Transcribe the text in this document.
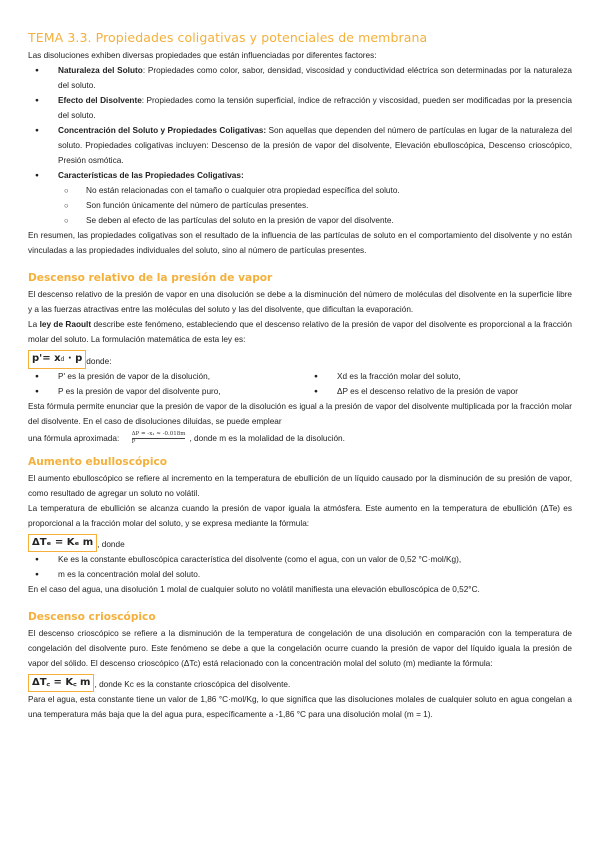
TEMA 3.3. Propiedades coligativas y potenciales de membrana

Las disoluciones exhiben diversas propiedades que están influenciadas por diferentes factores:

● Naturaleza del Soluto: Propiedades como color, sabor, densidad, viscosidad y conductividad eléctrica son determinadas por la naturaleza del soluto.
● Efecto del Disolvente: Propiedades como la tensión superficial, índice de refracción y viscosidad, pueden ser modificadas por la presencia del soluto.
● Concentración del Soluto y Propiedades Coligativas: Son aquellas que dependen del número de partículas en lugar de la naturaleza del soluto. Propiedades coligativas incluyen: Descenso de la presión de vapor del disolvente, Elevación ebulloscópica, Descenso crioscópico, Presión osmótica.
● Características de las Propiedades Coligativas:
○ No están relacionadas con el tamaño o cualquier otra propiedad específica del soluto.
○ Son función únicamente del número de partículas presentes.
○ Se deben al efecto de las partículas del soluto en la presión de vapor del disolvente.

En resumen, las propiedades coligativas son el resultado de la influencia de las partículas de soluto en el comportamiento del disolvente y no están vinculadas a las propiedades individuales del soluto, sino al número de partículas presentes.

Descenso relativo de la presión de vapor

El descenso relativo de la presión de vapor en una disolución se debe a la disminución del número de moléculas del disolvente en la superficie libre y a las fuerzas atractivas entre las moléculas del soluto y las del disolvente, que dificultan la evaporación.

La ley de Raoult describe este fenómeno, estableciendo que el descenso relativo de la presión de vapor del disolvente es proporcional a la fracción molar del soluto. La formulación matemática de esta ley es:

p'= xd · p donde:
● P' es la presión de vapor de la disolución,	● Xd es la fracción molar del soluto,
● P es la presión de vapor del disolvente puro,	● ΔP es el descenso relativo de la presión de vapor

Esta fórmula permite enunciar que la presión de vapor de la disolución es igual a la presión de vapor del disolvente multiplicada por la fracción molar del disolvente. En el caso de disoluciones diluidas, se puede emplear

una fórmula aproximada: $\frac{\text{ΔP = -x₁ ≈ -0.018m}}{P}$ , donde m es la molalidad de la disolución.
Aumento ebulloscópico

El aumento ebulloscópico se refiere al incremento en la temperatura de ebullición de un líquido causado por la disminución de su presión de vapor, como resultado de agregar un soluto no volátil.

La temperatura de ebullición se alcanza cuando la presión de vapor iguala la atmósfera. Este aumento en la temperatura de ebullición (ΔTe) es proporcional a la fracción molar del soluto, y se expresa mediante la fórmula:

ΔTₑ = Kₑ m , donde
● Ke es la constante ebulloscópica característica del disolvente (como el agua, con un valor de 0,52 °C·mol/Kg),
● m es la concentración molal del soluto.

En el caso del agua, una disolución 1 molal de cualquier soluto no volátil manifiesta una elevación ebulloscópica de 0,52°C.

Descenso crioscópico

El descenso crioscópico se refiere a la disminución de la temperatura de congelación de una disolución en comparación con la temperatura de congelación del disolvente puro. Este fenómeno se debe a que la congelación ocurre cuando la presión de vapor del líquido iguala la presión de vapor del sólido. El descenso crioscópico (ΔTc) está relacionado con la concentración molal del soluto (m) mediante la fórmula:

ΔT꜀ = K꜀ m , donde Kc es la constante crioscópica del disolvente.

Para el agua, esta constante tiene un valor de 1,86 °C·mol/Kg, lo que significa que las disoluciones molales de cualquier soluto en agua congelan a una temperatura más baja que la del agua pura, específicamente a -1,86 °C para una disolución molal (m = 1).
